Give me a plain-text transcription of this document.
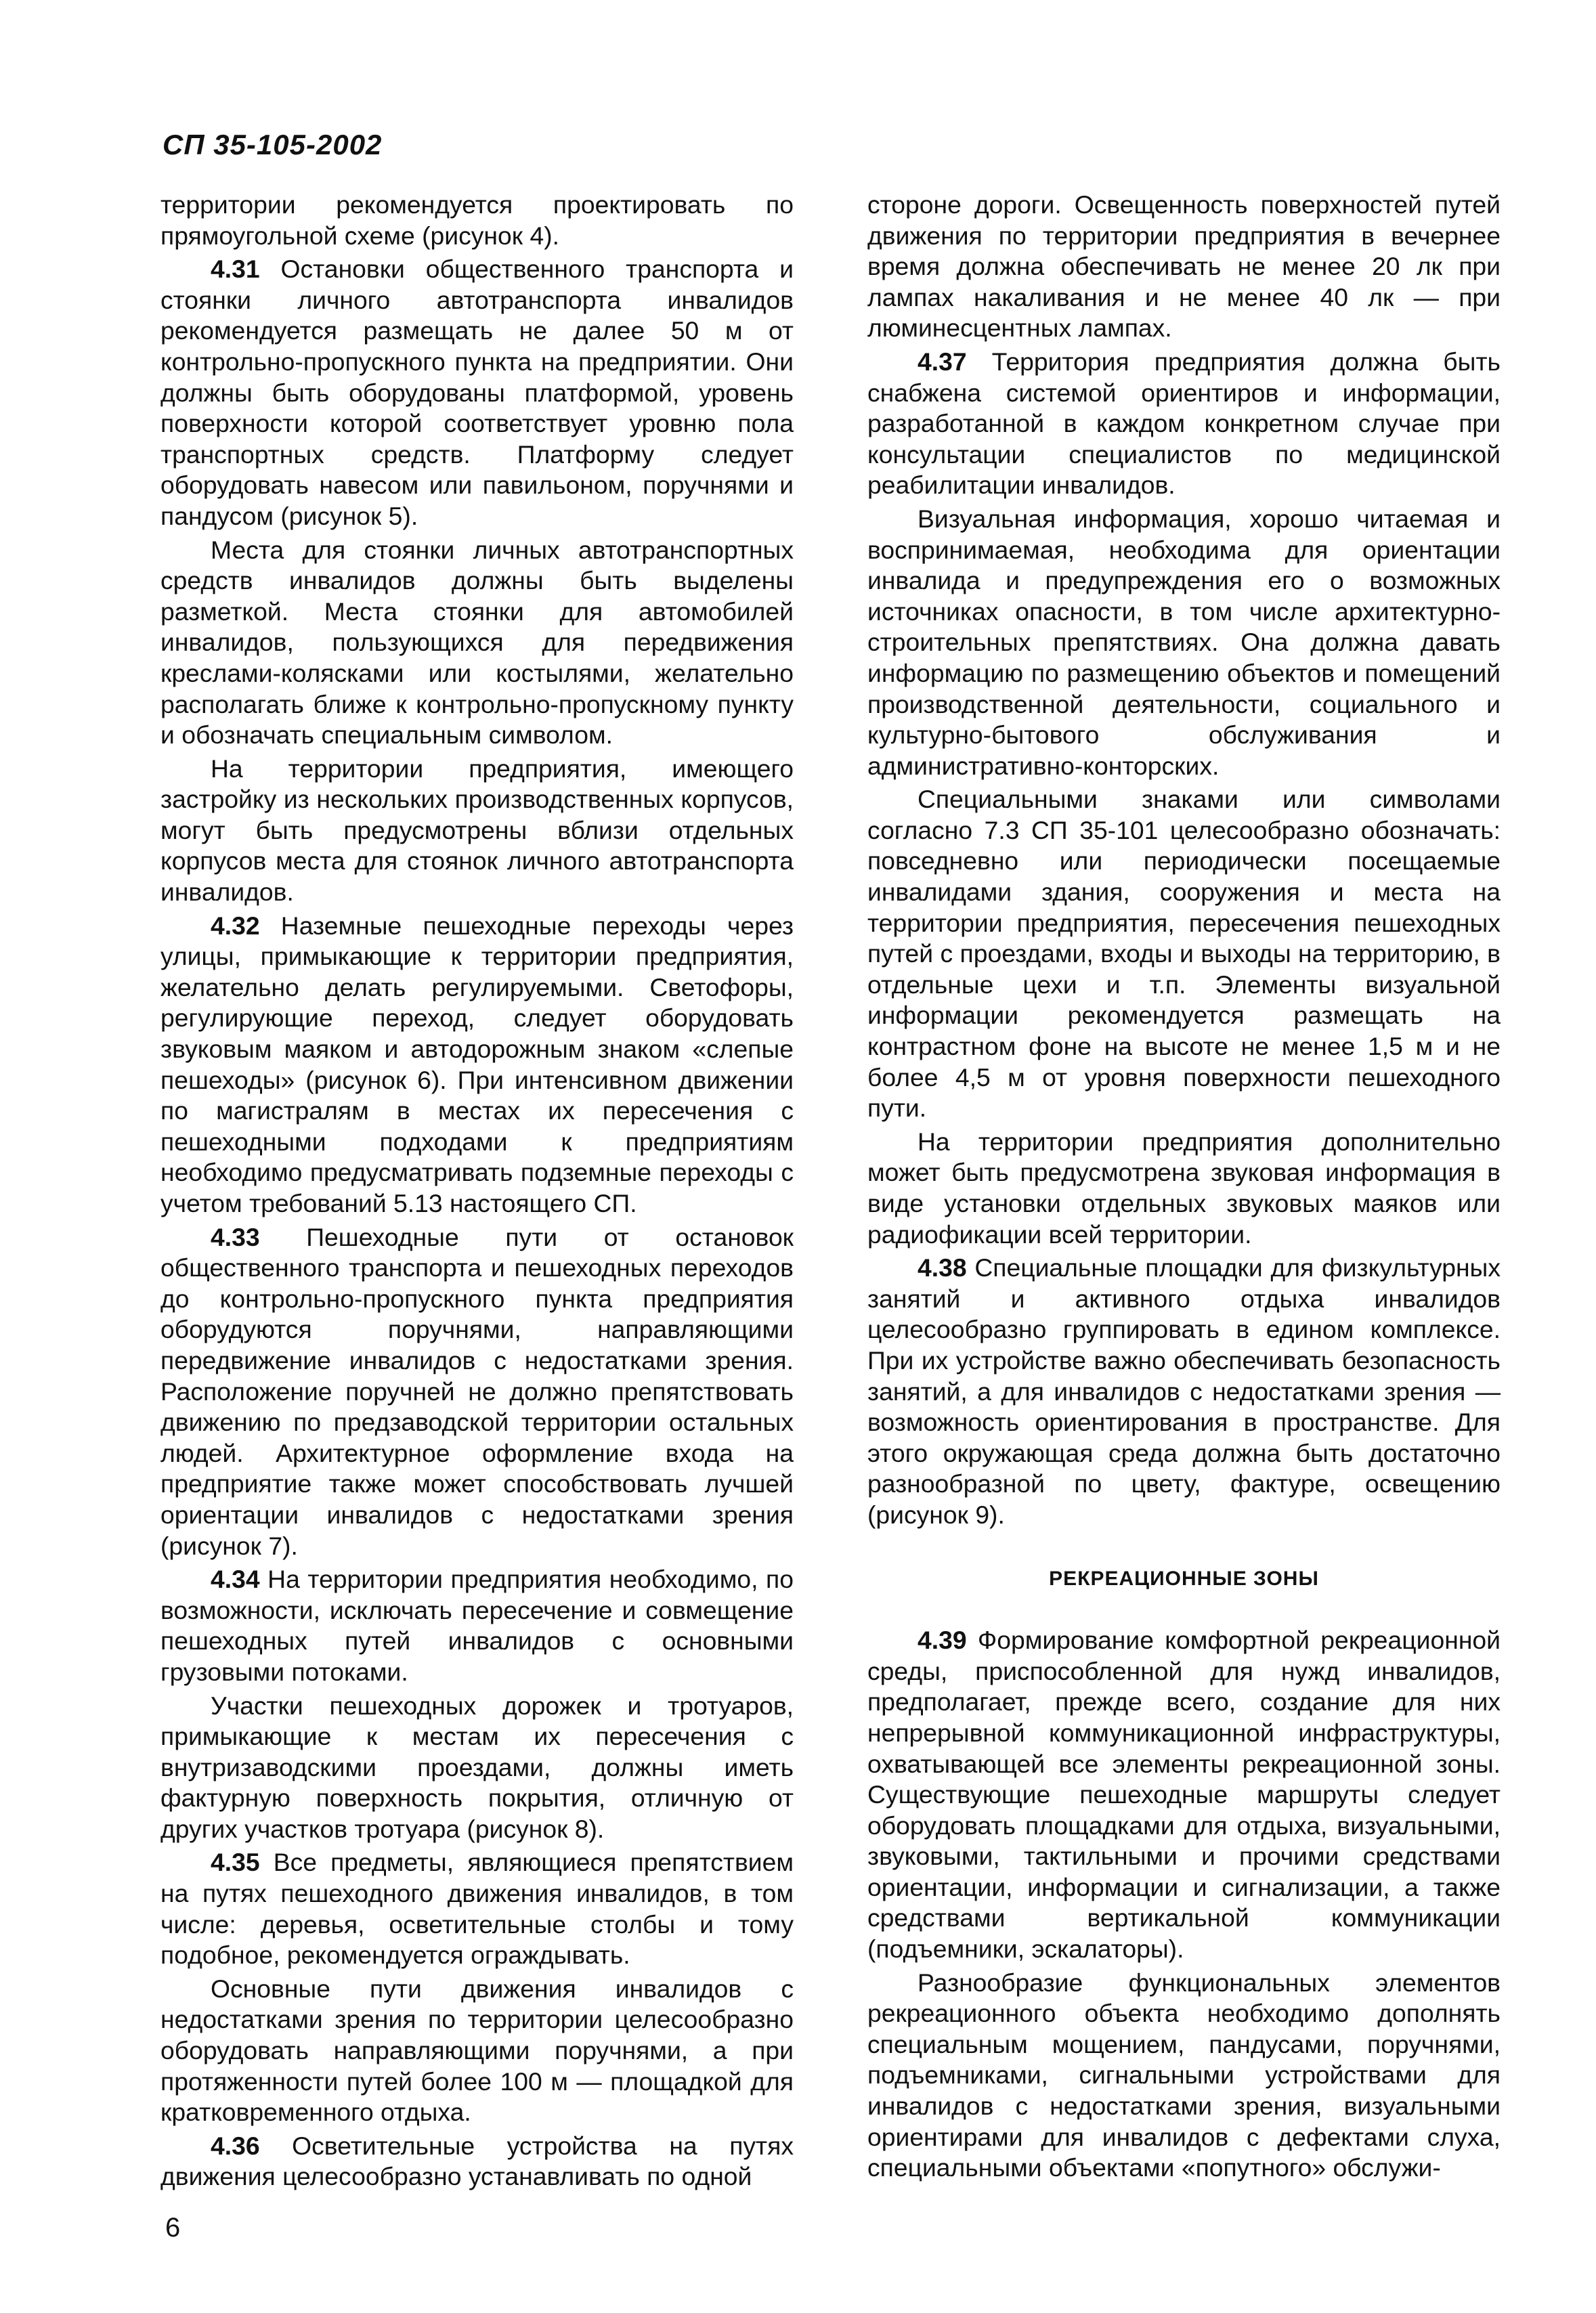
СП 35-105-2002

территории рекомендуется проектировать по прямоугольной схеме (рисунок 4).

4.31 Остановки общественного транспорта и стоянки личного автотранспорта инвалидов рекомендуется размещать не далее 50 м от контрольно-пропускного пункта на предприятии. Они должны быть оборудованы платформой, уровень поверхности которой соответствует уровню пола транспортных средств. Платформу следует оборудовать навесом или павильоном, поручнями и пандусом (рисунок 5).

Места для стоянки личных автотранспортных средств инвалидов должны быть выделены разметкой. Места стоянки для автомобилей инвалидов, пользующихся для передвижения креслами-колясками или костылями, желательно располагать ближе к контрольно-пропускному пункту и обозначать специальным символом.

На территории предприятия, имеющего застройку из нескольких производственных корпусов, могут быть предусмотрены вблизи отдельных корпусов места для стоянок личного автотранспорта инвалидов.

4.32 Наземные пешеходные переходы через улицы, примыкающие к территории предприятия, желательно делать регулируемыми. Светофоры, регулирующие переход, следует оборудовать звуковым маяком и автодорожным знаком «слепые пешеходы» (рисунок 6). При интенсивном движении по магистралям в местах их пересечения с пешеходными подходами к предприятиям необходимо предусматривать подземные переходы с учетом требований 5.13 настоящего СП.

4.33 Пешеходные пути от остановок общественного транспорта и пешеходных переходов до контрольно-пропускного пункта предприятия оборудуются поручнями, направляющими передвижение инвалидов с недостатками зрения. Расположение поручней не должно препятствовать движению по предзаводской территории остальных людей. Архитектурное оформление входа на предприятие также может способствовать лучшей ориентации инвалидов с недостатками зрения (рисунок 7).

4.34 На территории предприятия необходимо, по возможности, исключать пересечение и совмещение пешеходных путей инвалидов с основными грузовыми потоками.

Участки пешеходных дорожек и тротуаров, примыкающие к местам их пересечения с внутризаводскими проездами, должны иметь фактурную поверхность покрытия, отличную от других участков тротуара (рисунок 8).

4.35 Все предметы, являющиеся препятствием на путях пешеходного движения инвалидов, в том числе: деревья, осветительные столбы и тому подобное, рекомендуется ограждывать.

Основные пути движения инвалидов с недостатками зрения по территории целесообразно оборудовать направляющими поручнями, а при протяженности путей более 100 м — площадкой для кратковременного отдыха.

4.36 Осветительные устройства на путях движения целесообразно устанавливать по одной

стороне дороги. Освещенность поверхностей путей движения по территории предприятия в вечернее время должна обеспечивать не менее 20 лк при лампах накаливания и не менее 40 лк — при люминесцентных лампах.

4.37 Территория предприятия должна быть снабжена системой ориентиров и информации, разработанной в каждом конкретном случае при консультации специалистов по медицинской реабилитации инвалидов.

Визуальная информация, хорошо читаемая и воспринимаемая, необходима для ориентации инвалида и предупреждения его о возможных источниках опасности, в том числе архитектурно-строительных препятствиях. Она должна давать информацию по размещению объектов и помещений производственной деятельности, социального и культурно-бытового обслуживания и административно-конторских.

Специальными знаками или символами согласно 7.3 СП 35-101 целесообразно обозначать: повседневно или периодически посещаемые инвалидами здания, сооружения и места на территории предприятия, пересечения пешеходных путей с проездами, входы и выходы на территорию, в отдельные цехи и т.п. Элементы визуальной информации рекомендуется размещать на контрастном фоне на высоте не менее 1,5 м и не более 4,5 м от уровня поверхности пешеходного пути.

На территории предприятия дополнительно может быть предусмотрена звуковая информация в виде установки отдельных звуковых маяков или радиофикации всей территории.

4.38 Специальные площадки для физкультурных занятий и активного отдыха инвалидов целесообразно группировать в едином комплексе. При их устройстве важно обеспечивать безопасность занятий, а для инвалидов с недостатками зрения — возможность ориентирования в пространстве. Для этого окружающая среда должна быть достаточно разнообразной по цвету, фактуре, освещению (рисунок 9).

РЕКРЕАЦИОННЫЕ ЗОНЫ

4.39 Формирование комфортной рекреационной среды, приспособленной для нужд инвалидов, предполагает, прежде всего, создание для них непрерывной коммуникационной инфраструктуры, охватывающей все элементы рекреационной зоны. Существующие пешеходные маршруты следует оборудовать площадками для отдыха, визуальными, звуковыми, тактильными и прочими средствами ориентации, информации и сигнализации, а также средствами вертикальной коммуникации (подъемники, эскалаторы).

Разнообразие функциональных элементов рекреационного объекта необходимо дополнять специальным мощением, пандусами, поручнями, подъемниками, сигнальными устройствами для инвалидов с недостатками зрения, визуальными ориентирами для инвалидов с дефектами слуха, специальными объектами «попутного» обслужи-

6
